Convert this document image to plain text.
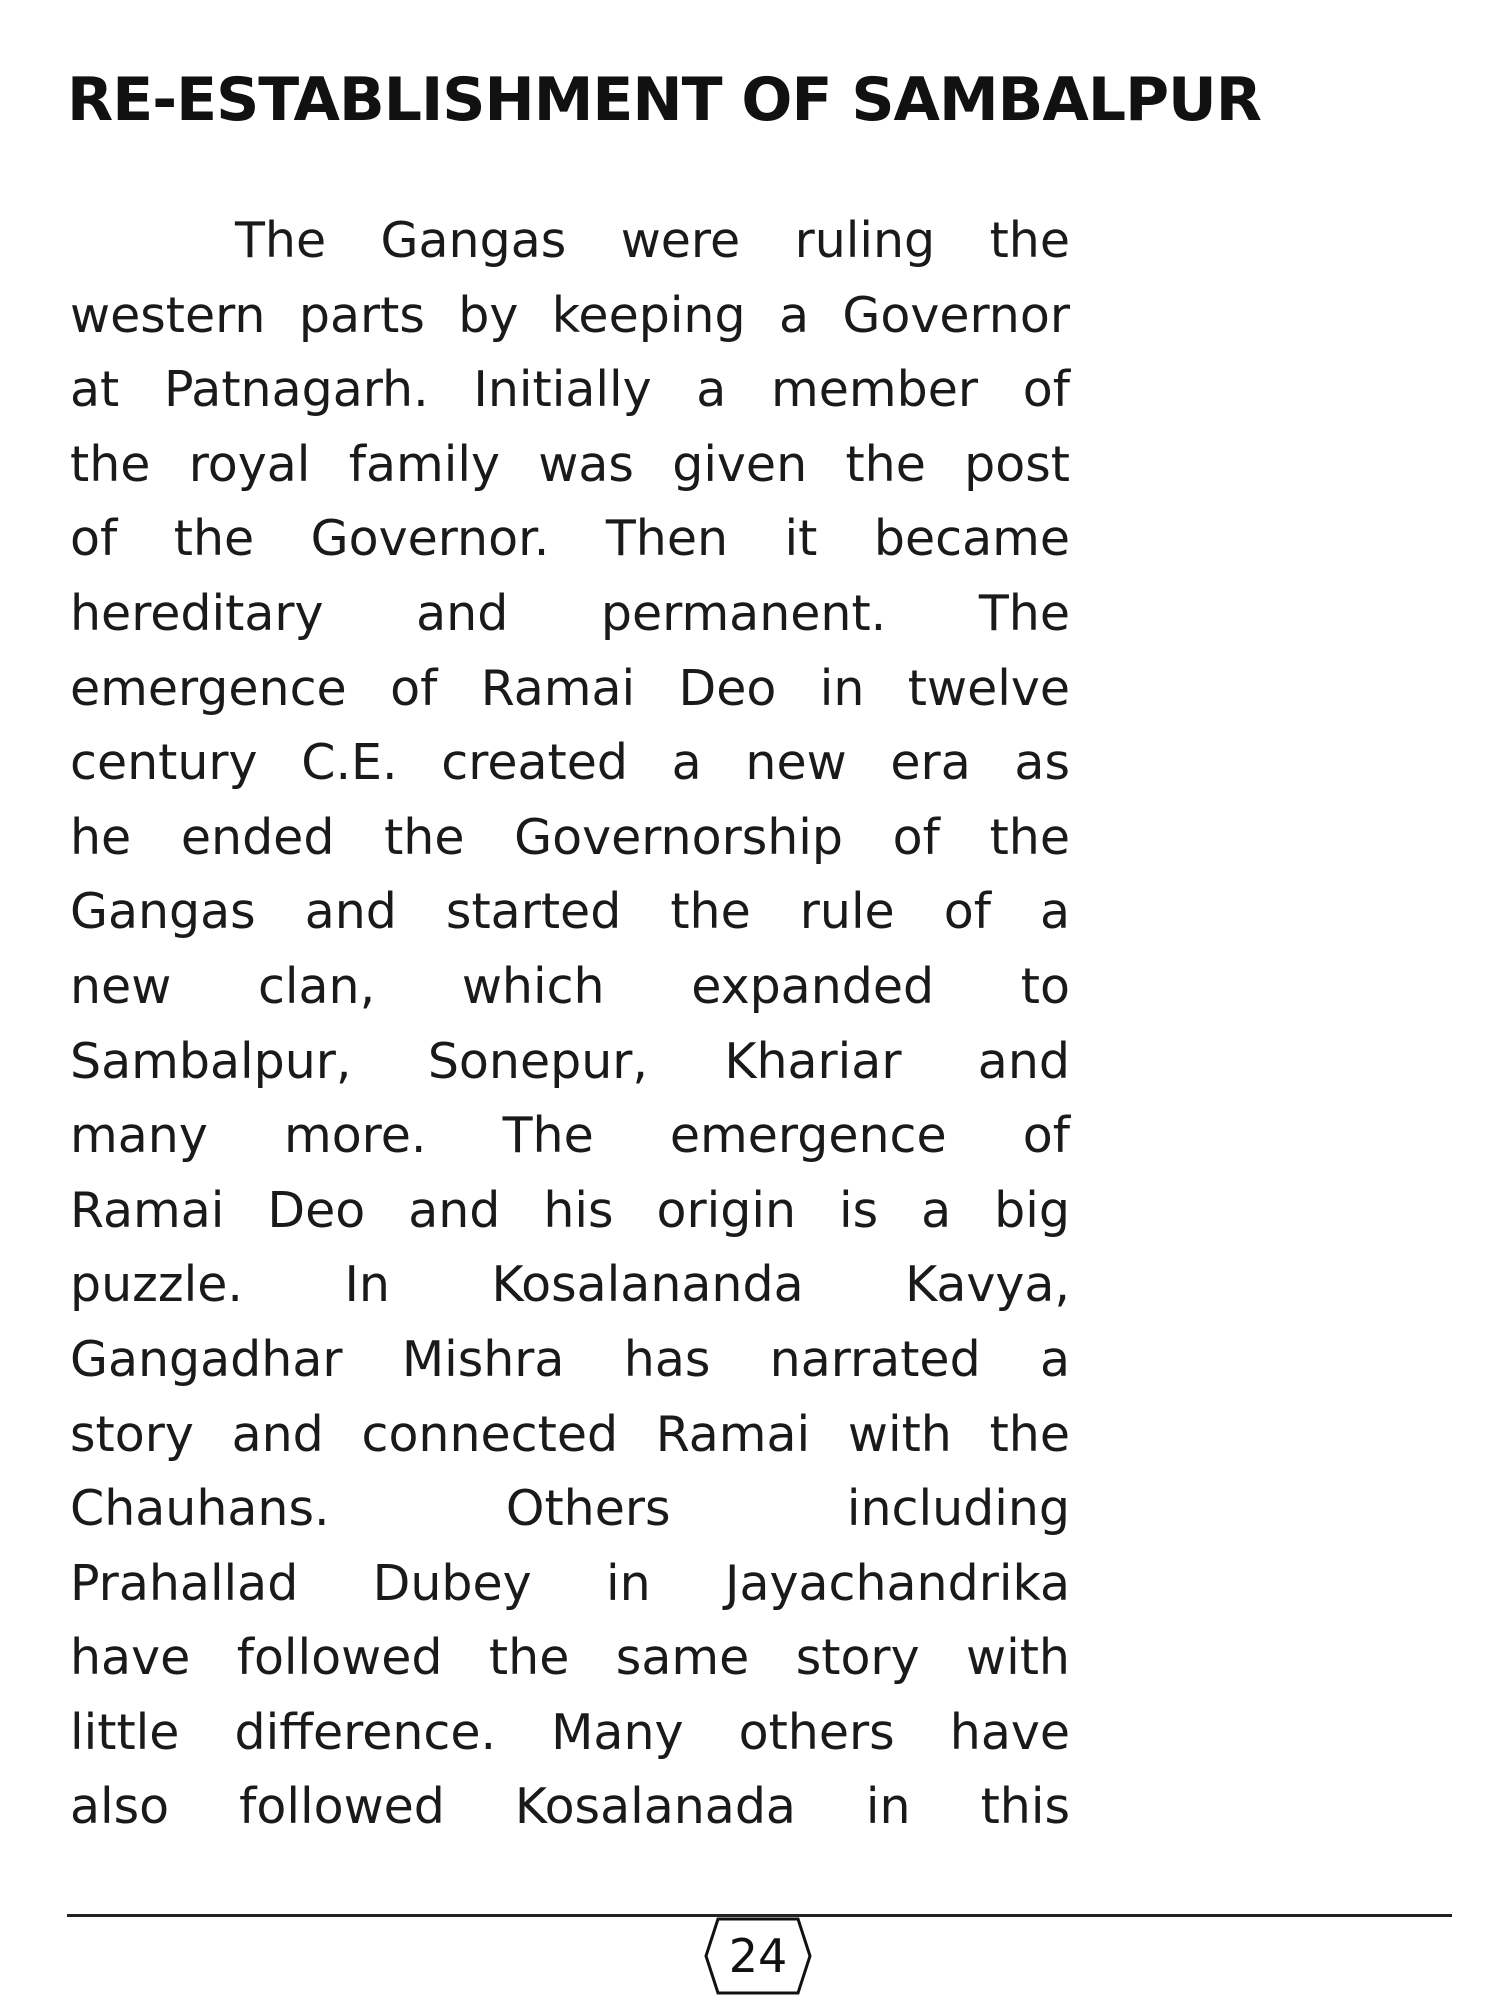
RE-ESTABLISHMENT OF SAMBALPUR
The Gangas were ruling the
western parts by keeping a Governor
at Patnagarh. Initially a member of
the royal family was given the post
of the Governor. Then it became
hereditary and permanent. The
emergence of Ramai Deo in twelve
century C.E. created a new era as
he ended the Governorship of the
Gangas and started the rule of a
new clan, which expanded to
Sambalpur, Sonepur, Khariar and
many more. The emergence of
Ramai Deo and his origin is a big
puzzle. In Kosalananda Kavya,
Gangadhar Mishra has narrated a
story and connected Ramai with the
Chauhans. Others including
Prahallad Dubey in Jayachandrika
have followed the same story with
little difference. Many others have
also followed Kosalanada in this
24
